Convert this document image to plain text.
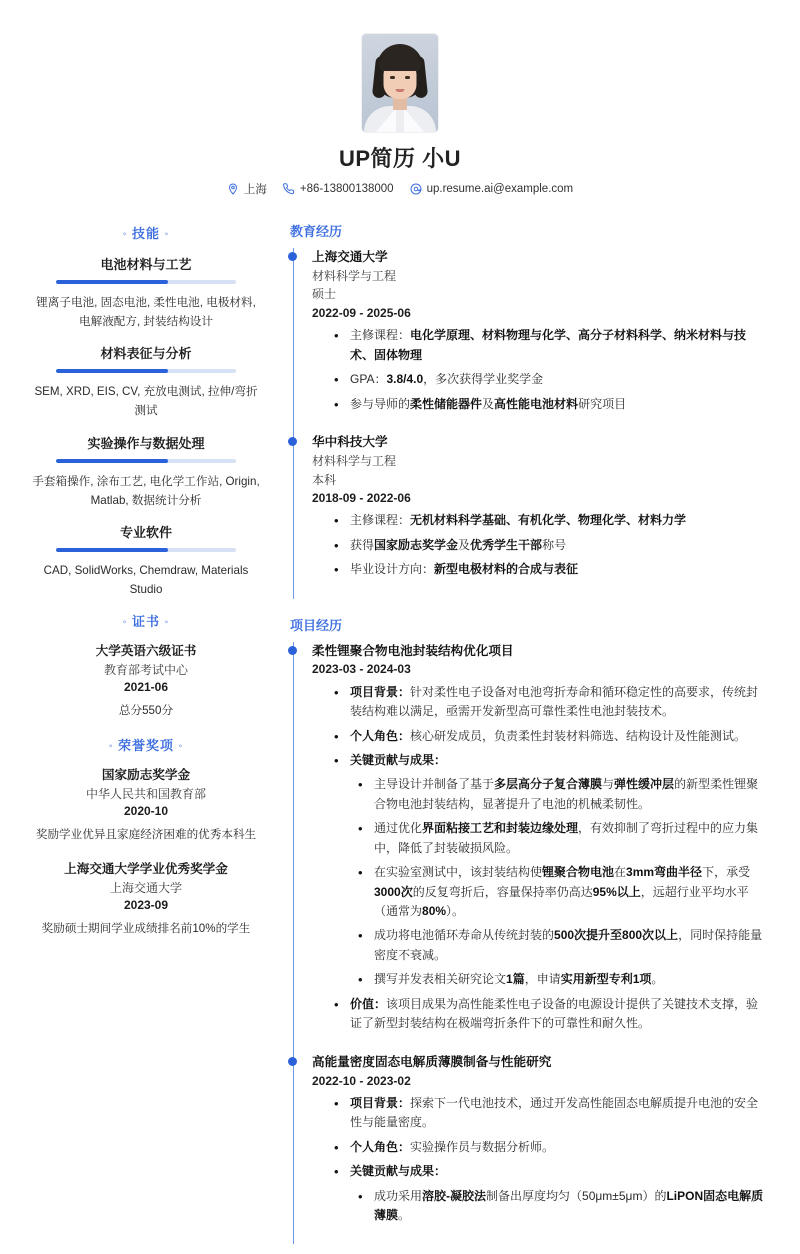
UP简历 小U
上海	+86-13800138000	up.resume.ai@example.com
◦ 技能 ◦
电池材料与工艺
锂离子电池, 固态电池, 柔性电池, 电极材料, 电解液配方, 封装结构设计
材料表征与分析
SEM, XRD, EIS, CV, 充放电测试, 拉伸/弯折测试
实验操作与数据处理
手套箱操作, 涂布工艺, 电化学工作站, Origin, Matlab, 数据统计分析
专业软件
CAD, SolidWorks, Chemdraw, Materials Studio
◦ 证书 ◦
大学英语六级证书
教育部考试中心
2021-06
总分550分
◦ 荣誉奖项 ◦
国家励志奖学金
中华人民共和国教育部
2020-10
奖励学业优异且家庭经济困难的优秀本科生
上海交通大学学业优秀奖学金
上海交通大学
2023-09
奖励硕士期间学业成绩排名前10%的学生
教育经历
上海交通大学
材料科学与工程
硕士
2022-09 - 2025-06
• 主修课程：电化学原理、材料物理与化学、高分子材料科学、纳米材料与技术、固体物理
• GPA：3.8/4.0，多次获得学业奖学金
• 参与导师的柔性储能器件及高性能电池材料研究项目
华中科技大学
材料科学与工程
本科
2018-09 - 2022-06
• 主修课程：无机材料科学基础、有机化学、物理化学、材料力学
• 获得国家励志奖学金及优秀学生干部称号
• 毕业设计方向：新型电极材料的合成与表征
项目经历
柔性锂聚合物电池封装结构优化项目
2023-03 - 2024-03
• 项目背景：针对柔性电子设备对电池弯折寿命和循环稳定性的高要求，传统封装结构难以满足，亟需开发新型高可靠性柔性电池封装技术。
• 个人角色：核心研发成员，负责柔性封装材料筛选、结构设计及性能测试。
• 关键贡献与成果：
• 主导设计并制备了基于多层高分子复合薄膜与弹性缓冲层的新型柔性锂聚合物电池封装结构，显著提升了电池的机械柔韧性。
• 通过优化界面粘接工艺和封装边缘处理，有效抑制了弯折过程中的应力集中，降低了封装破损风险。
• 在实验室测试中，该封装结构使锂聚合物电池在3mm弯曲半径下，承受3000次的反复弯折后，容量保持率仍高达95%以上，远超行业平均水平（通常为80%）。
• 成功将电池循环寿命从传统封装的500次提升至800次以上，同时保持能量密度不衰减。
• 撰写并发表相关研究论文1篇，申请实用新型专利1项。
• 价值：该项目成果为高性能柔性电子设备的电源设计提供了关键技术支撑，验证了新型封装结构在极端弯折条件下的可靠性和耐久性。
高能量密度固态电解质薄膜制备与性能研究
2022-10 - 2023-02
• 项目背景：探索下一代电池技术，通过开发高性能固态电解质提升电池的安全性与能量密度。
• 个人角色：实验操作员与数据分析师。
• 关键贡献与成果：
• 成功采用溶胶-凝胶法制备出厚度均匀（50μm±5μm）的LiPON固态电解质薄膜。
